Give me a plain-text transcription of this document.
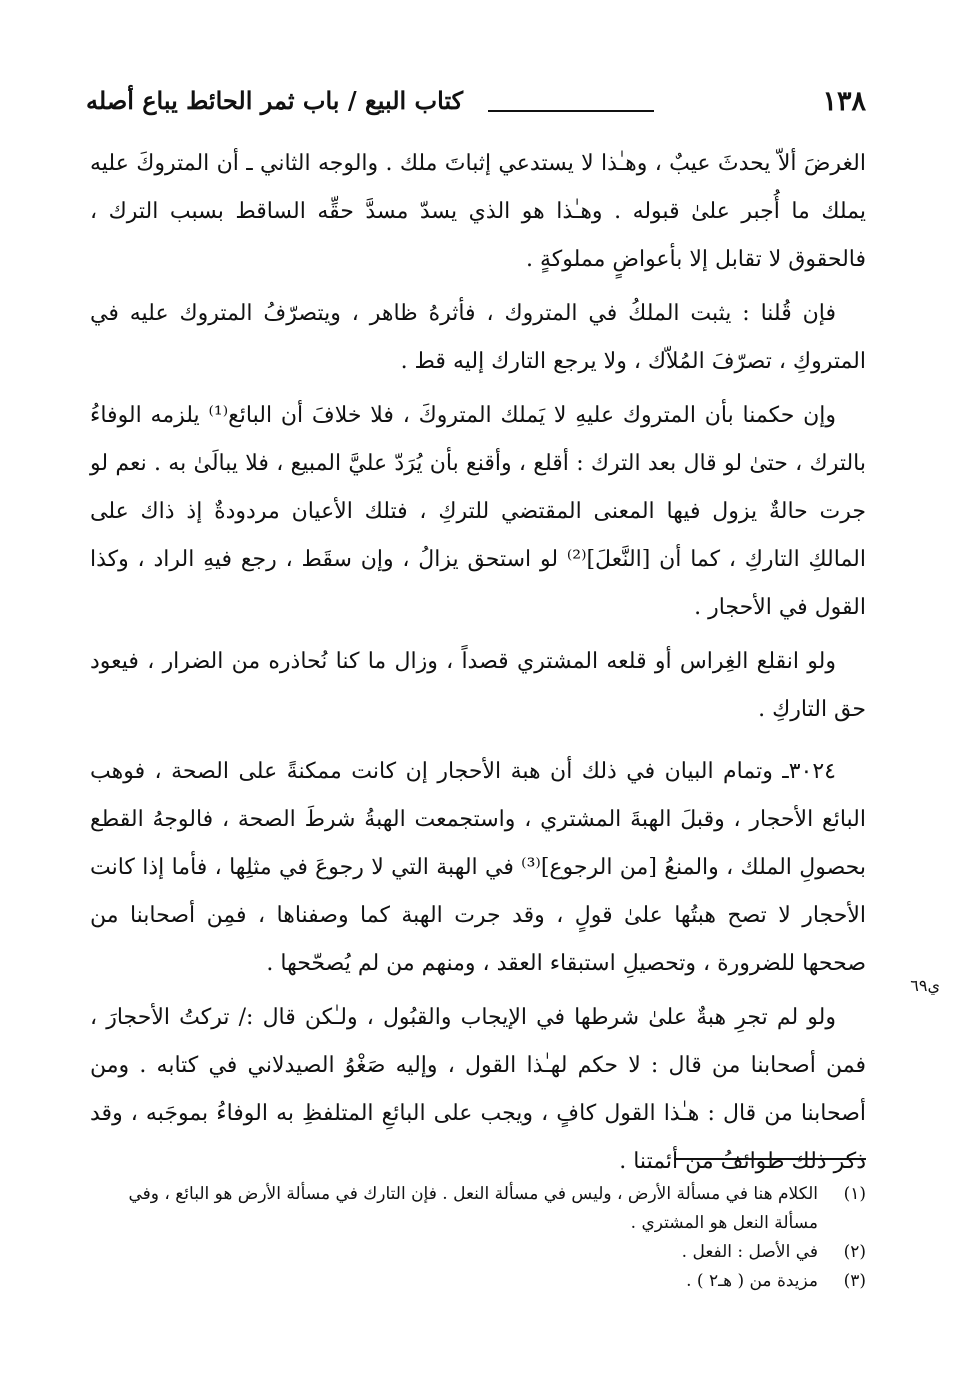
١٣٨
كتاب البيع / باب ثمر الحائط يباع أصله

الغرضَ ألاّ يحدثَ عيبٌ ، وهـٰذا لا يستدعي إثباتَ ملك . والوجه الثاني ـ أن المتروكَ عليه يملك ما أُجبر علىٰ قبوله . وهـٰذا هو الذي يسدّ مسدَّ حقِّه الساقط بسبب الترك ، فالحقوق لا تقابل إلا بأعواضٍ مملوكةٍ .

فإن قُلنا : يثبت الملكُ في المتروك ، فأثرهُ ظاهر ، ويتصرّفُ المتروك عليه في المتروكِ ، تصرّفَ المُلاّك ، ولا يرجع التارك إليه قط .

وإن حكمنا بأن المتروك عليهِ لا يَملك المتروكَ ، فلا خلافَ أن البائع⁽¹⁾ يلزمه الوفاءُ بالترك ، حتىٰ لو قال بعد الترك : أقلع ، وأقنع بأن يُرَدّ عليَّ المبيع ، فلا يبالَىٰ به . نعم لو جرت حالةٌ يزول فيها المعنى المقتضي للتركِ ، فتلك الأعيان مردودةٌ إذ ذاك على المالكِ التاركِ ، كما أن [النَّعلَ]⁽²⁾ لو استحق يزالُ ، وإن سقَط ، رجع فيهِ الراد ، وكذا القول في الأحجار .

ولو انقلع الغِراس أو قلعه المشتري قصداً ، وزال ما كنا نُحاذره من الضرار ، فيعود حق التاركِ .

٣٠٢٤ـ وتمام البيان في ذلك أن هبة الأحجار إن كانت ممكنةً على الصحة ، فوهب البائع الأحجار ، وقبلَ الهبةَ المشتري ، واستجمعت الهبةُ شرطَ الصحة ، فالوجهُ القطع بحصولِ الملك ، والمنعُ [من الرجوع]⁽³⁾ في الهبة التي لا رجوعَ في مثلِها ، فأما إذا كانت الأحجار لا تصح هبتُها علىٰ قولٍ ، وقد جرت الهبة كما وصفناها ، فمِن أصحابنا من صححها للضرورة ، وتحصيلِ استبقاء العقد ، ومنهم من لم يُصحّحها .

ولو لم تجرِ هبةٌ علىٰ شرطها في الإيجاب والقبُول ، ولـٰكن قال :/ تركتُ الأحجارَ ، فمن أصحابنا من قال : لا حكم لهـٰذا القول ، وإليه صَغْوُ الصيدلاني في كتابه . ومن أصحابنا من قال : هـٰذا القول كافٍ ، ويجب على البائعِ المتلفظِ به الوفاءُ بموجَبه ، وقد ذكر ذلك طوائفُ من أئمتنا .

ي٦٩
(١)
الكلام هنا في مسألة الأرض ، وليس في مسألة النعل . فإن التارك في مسألة الأرض هو البائع ، وفي مسألة النعل هو المشتري .
(٢)
في الأصل : الفعل .
(٣)
مزيدة من ( هـ٢ ) .
